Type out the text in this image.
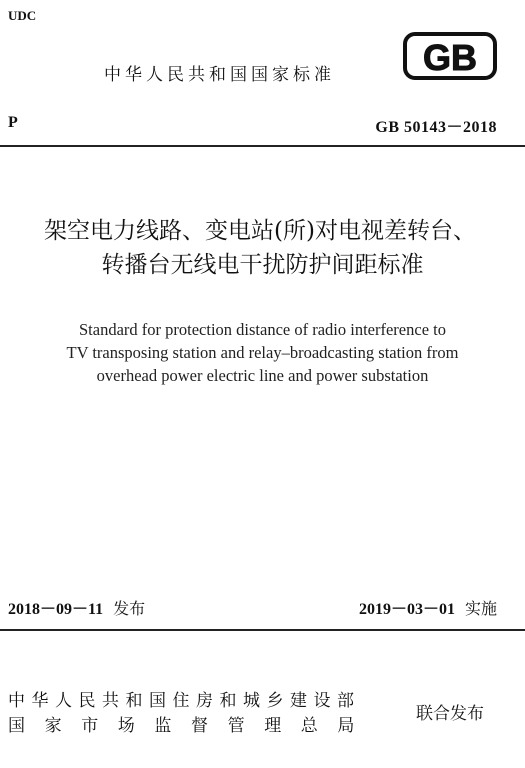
UDC
中华人民共和国国家标准 GB
P	GB 50143－2018
架空电力线路、变电站(所)对电视差转台、
转播台无线电干扰防护间距标准
Standard for protection distance of radio interference to
TV transposing station and relay–broadcasting station from
overhead power electric line and power substation
2018－09－11 发布	2019－03－01 实施
中华人民共和国住房和城乡建设部
国家市场监督管理总局
联合发布
